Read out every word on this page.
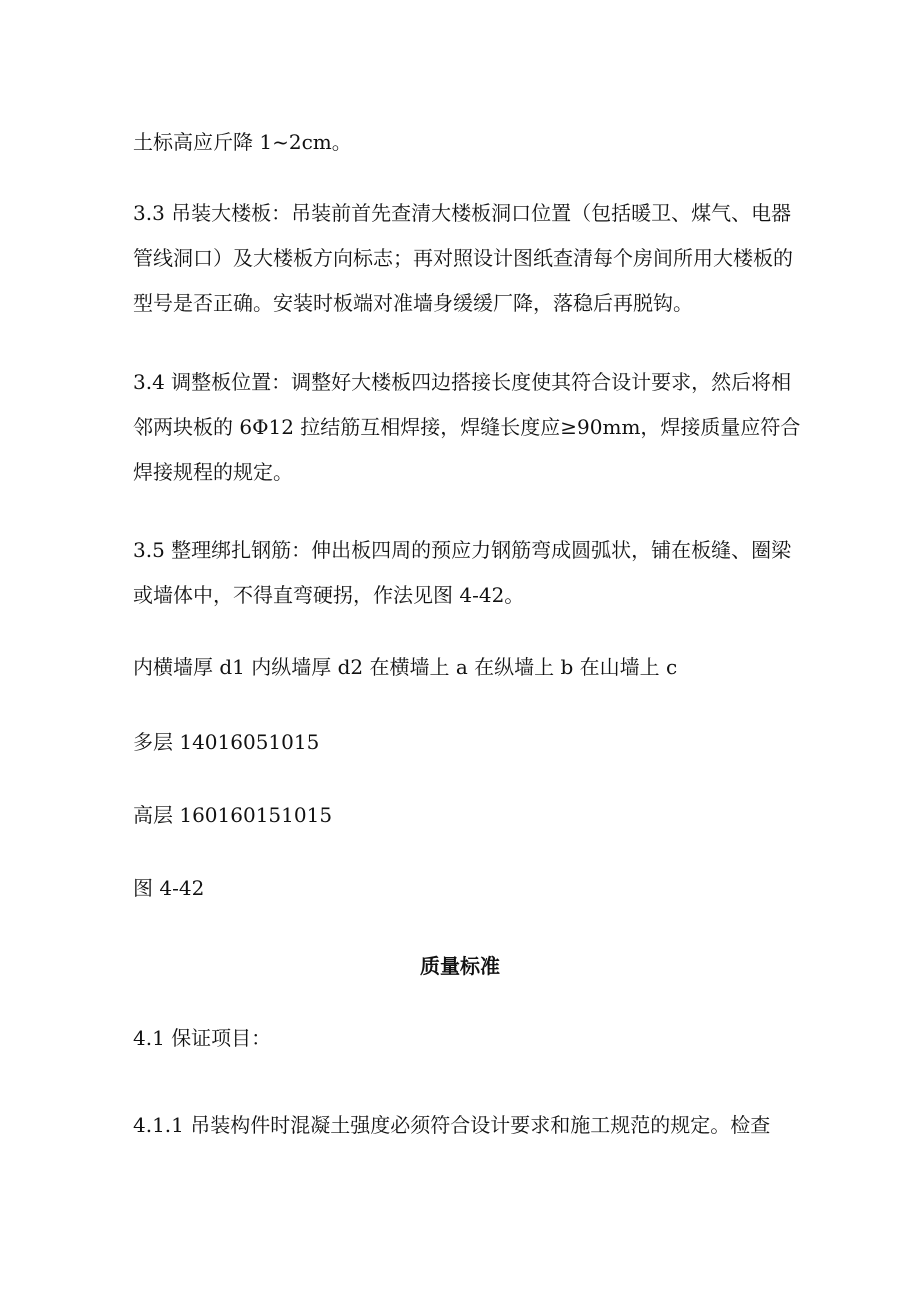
土标高应斤降 1~2cm。

3.3 吊装大楼板：吊装前首先查清大楼板洞口位置（包括暖卫、煤气、电器
管线洞口）及大楼板方向标志；再对照设计图纸查清每个房间所用大楼板的
型号是否正确。安装时板端对准墙身缓缓厂降，落稳后再脱钩。

3.4 调整板位置：调整好大楼板四边搭接长度使其符合设计要求，然后将相
邻两块板的 6Φ12 拉结筋互相焊接，焊缝长度应≥90mm，焊接质量应符合
焊接规程的规定。

3.5 整理绑扎钢筋：伸出板四周的预应力钢筋弯成圆弧状，铺在板缝、圈梁
或墙体中，不得直弯硬拐，作法见图 4-42。

内横墙厚 d1 内纵墙厚 d2 在横墙上 a 在纵墙上 b 在山墙上 c

多层 14016051015

高层 160160151015

图 4-42

质量标准

4.1 保证项目：

4.1.1 吊装构件时混凝土强度必须符合设计要求和施工规范的规定。检查
